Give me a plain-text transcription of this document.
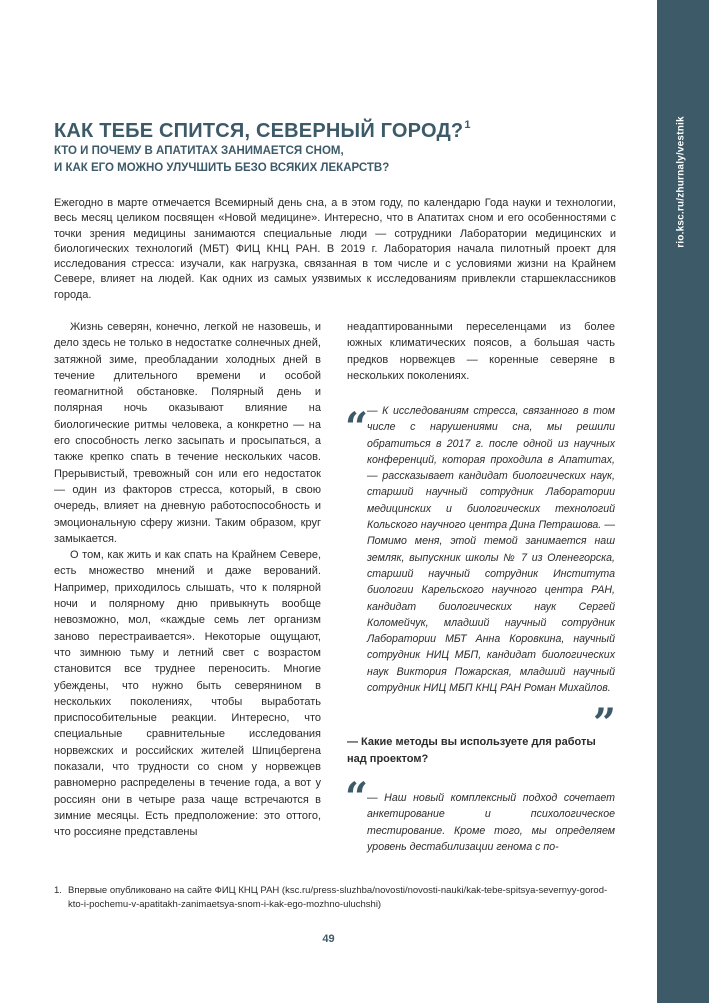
rio.ksc.ru/zhurnaly/vestnik
КАК ТЕБЕ СПИТСЯ, СЕВЕРНЫЙ ГОРОД?$^1$
КТО И ПОЧЕМУ В АПАТИТАХ ЗАНИМАЕТСЯ СНОМ,
И КАК ЕГО МОЖНО УЛУЧШИТЬ БЕЗО ВСЯКИХ ЛЕКАРСТВ?
Ежегодно в марте отмечается Всемирный день сна, а в этом году, по календарю Года науки и технологии, весь месяц целиком посвящен «Новой медицине». Интересно, что в Апатитах сном и его особенностями с точки зрения медицины занимаются специальные люди — сотрудники Лаборатории медицинских и биологических технологий (МБТ) ФИЦ КНЦ РАН. В 2019 г. Лаборатория начала пилотный проект для исследования стресса: изучали, как нагрузка, связанная в том числе и с условиями жизни на Крайнем Севере, влияет на людей. Как одних из самых уязвимых к исследованиям привлекли старшеклассников города.

Жизнь северян, конечно, легкой не назовешь, и дело здесь не только в недостатке солнечных дней, затяжной зиме, преобладании холодных дней в течение длительного времени и особой геомагнитной обстановке. Полярный день и полярная ночь оказывают влияние на биологические ритмы человека, а конкретно — на его способность легко засыпать и просыпаться, а также крепко спать в течение нескольких часов. Прерывистый, тревожный сон или его недостаток — один из факторов стресса, который, в свою очередь, влияет на дневную работоспособность и эмоциональную сферу жизни. Таким образом, круг замыкается.

О том, как жить и как спать на Крайнем Севере, есть множество мнений и даже верований. Например, приходилось слышать, что к полярной ночи и полярному дню привыкнуть вообще невозможно, мол, «каждые семь лет организм заново перестраивается». Некоторые ощущают, что зимнюю тьму и летний свет с возрастом становится все труднее переносить. Многие убеждены, что нужно быть северянином в нескольких поколениях, чтобы выработать приспособительные реакции. Интересно, что специальные сравнительные исследования норвежских и российских жителей Шпицбергена показали, что трудности со сном у норвежцев равномерно распределены в течение года, а вот у россиян они в четыре раза чаще встречаются в зимние месяцы. Есть предположение: это оттого, что россияне представлены

неадаптированными переселенцами из более южных климатических поясов, а большая часть предков норвежцев — коренные северяне в нескольких поколениях.

“
— К исследованиям стресса, связанного в том числе с нарушениями сна, мы решили обратиться в 2017 г. после одной из научных конференций, которая проходила в Апатитах, — рассказывает кандидат биологических наук, старший научный сотрудник Лаборатории медицинских и биологических технологий Кольского научного центра Дина Петрашова. — Помимо меня, этой темой занимается наш земляк, выпускник школы № 7 из Оленегорска, старший научный сотрудник Института биологии Карельского научного центра РАН, кандидат биологических наук Сергей Коломейчук, младший научный сотрудник Лаборатории МБТ Анна Коровкина, научный сотрудник НИЦ МБП, кандидат биологических наук Виктория Пожарская, младший научный сотрудник НИЦ МБП КНЦ РАН Роман Михайлов.
”
— Какие методы вы используете для работы над проектом?
“
— Наш новый комплексный подход сочетает анкетирование и психологическое тестирование. Кроме того, мы определяем уровень дестабилизации генома с по-
1. Впервые опубликовано на сайте ФИЦ КНЦ РАН (ksc.ru/press-sluzhba/novosti/novosti-nauki/kak-tebe-spitsya-severnyy-gorod-kto-i-pochemu-v-apatitakh-zanimaetsya-snom-i-kak-ego-mozhno-uluchshi)
49
